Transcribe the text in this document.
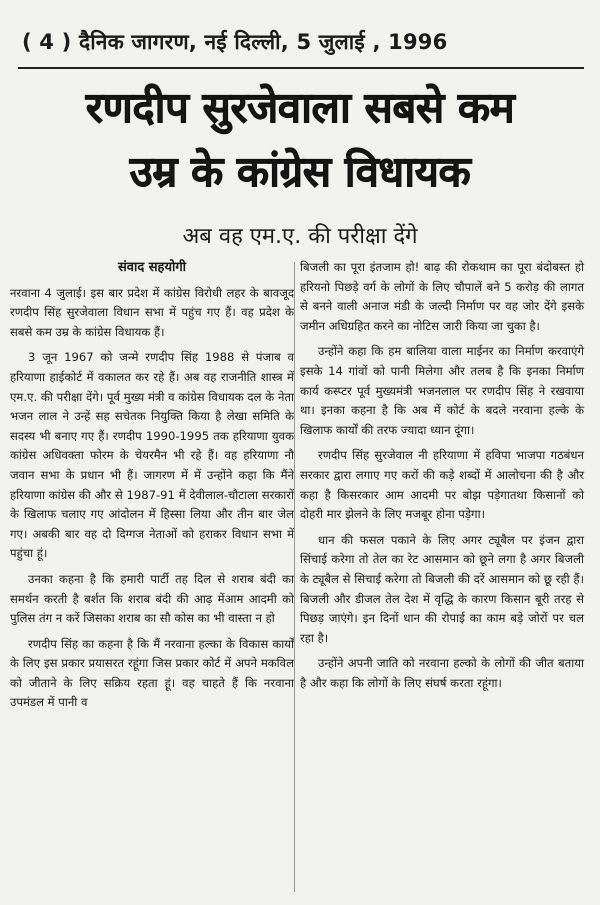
( 4 ) दैनिक जागरण, नई दिल्ली, 5 जुलाई , 1996
रणदीप सुरजेवाला सबसे कम
उम्र के कांग्रेस विधायक
अब वह एम.ए. की परीक्षा देंगे

संवाद सहयोगी

नरवाना 4 जुलाई। इस बार प्रदेश में कांग्रेस विरोधी लहर के बावजूद रणदीप सिंह सुरजेवाला विधान सभा में पहुंच गए हैं। वह प्रदेश के सबसे कम उम्र के कांग्रेस विधायक हैं।

3 जून 1967 को जन्मे रणदीप सिंह 1988 से पंजाब व हरियाणा हाईकोर्ट में वकालत कर रहे हैं। अब वह राजनीति शास्त्र में एम.ए. की परीक्षा देंगे। पूर्व मुख्य मंत्री व कांग्रेस विधायक दल के नेता भजन लाल ने उन्हें सह सचेतक नियुक्ति किया है लेखा समिति के सदस्य भी बनाए गए हैं। रणदीप 1990-1995 तक हरियाणा युवक कांग्रेस अधिवक्ता फोरम के चेयरमैन भी रहे हैं। वह हरियाणा नौ जवान सभा के प्रधान भी हैं। जागरण में में उन्होंने कहा कि मैंने हरियाणा कांग्रेस की और से 1987-91 में देवीलाल-चौटाला सरकारों के खिलाफ चलाए गए आंदोलन में हिस्सा लिया और तीन बार जेल गए। अबकी बार वह दो दिग्गज नेताओं को हराकर विधान सभा में पहुंचा हूं।

उनका कहना है कि हमारी पार्टी तह दिल से शराब बंदी का समर्थन करती है बर्शत कि शराब बंदी की आढ़ मेंआम आदमी को पुलिस तंग न करें जिसका शराब का सौ कोस का भी वास्ता न हो

रणदीप सिंह का कहना है कि मैं नरवाना हल्का के विकास कार्यों के लिए इस प्रकार प्रयासरत रहूंगा जिस प्रकार कोर्ट में अपने मकविल को जीताने के लिए सक्रिय रहता हूं। वह चाहते हैं कि नरवाना उपमंडल में पानी व

बिजली का पूरा इंतजाम हो! बाढ़ की रोकथाम का पूरा बंदोबस्त हो हरियनो पिछड़े वर्ग के लोगों के लिए चौपालें बने 5 करोड़ की लागत से बनने वाली अनाज मंडी के जल्दी निर्माण पर वह जोर देंगे इसके जमीन अधिग्रहित करने का नोटिस जारी किया जा चुका है।

उन्होंने कहा कि हम बालिया वाला माईनर का निर्माण करवाएंगे इसके 14 गांवों को पानी मिलेगा और तलब है कि इनका निर्माण कार्य कस्प्टर पूर्व मुख्यमंत्री भजनलाल पर रणदीप सिंह ने रखवाया था। इनका कहना है कि अब में कोर्ट के बदले नरवाना हल्के के खिलाफ कार्यों की तरफ ज्यादा ध्यान दूंगा।

रणदीप सिंह सुरजेवाल नी हरियाणा में हविपा भाजपा गठबंधन सरकार द्वारा लगाए गए करों की कड़े शब्दों में आलोचना की है और कहा है किसरकार आम आदमी पर बोझ पड़ेगातथा किसानों को दोहरी मार झेलने के लिए मजबूर होना पड़ेगा।

धान की फसल पकाने के लिए अगर ट्यूबैल पर इंजन द्वारा सिंचाई करेगा तो तेल का रेट आसमान को छूने लगा है अगर बिजली के ट्यूबैल से सिचाई करेगा तो बिजली की दरें आसमान को छू रही हैं। बिजली और डीजल तेल देश में वृद्धि के कारण किसान बूरी तरह से पिछड़ जाएंगे। इन दिनों धान की रोपाई का काम बड़े जोरों पर चल रहा है।

उन्होंने अपनी जाति को नरवाना हल्को के लोगों की जीत बताया है और कहा कि लोगों के लिए संघर्ष करता रहूंगा।
